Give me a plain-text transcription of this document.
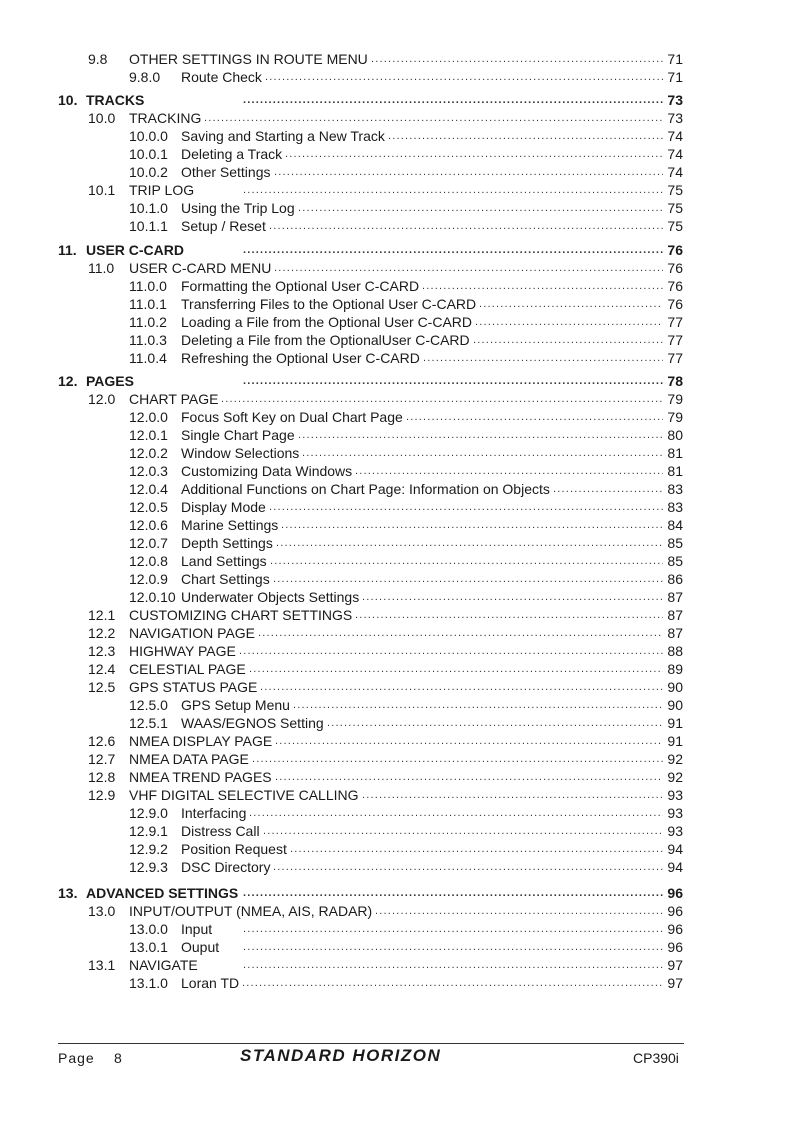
.....
9.8 OTHER SETTINGS IN ROUTE MENU	71
.....
9.8.0 Route Check	71
.....
10. TRACKS	73
.....
10.0 TRACKING	73
.....
10.0.0 Saving and Starting a New Track	74
.....
10.0.1 Deleting a Track	74
.....
10.0.2 Other Settings	74
.....
10.1 TRIP LOG	75
.....
10.1.0 Using the Trip Log	75
.....
10.1.1 Setup / Reset	75
.....
11. USER C-CARD	76
.....
11.0 USER C-CARD MENU	76
.....
11.0.0 Formatting the Optional User C-CARD	76
.....
11.0.1 Transferring Files to the Optional User C-CARD	76
.....
11.0.2 Loading a File from the Optional User C-CARD	77
.....
11.0.3 Deleting a File from the OptionalUser C-CARD	77
.....
11.0.4 Refreshing the Optional User C-CARD	77
.....
12. PAGES	78
.....
12.0 CHART PAGE	79
.....
12.0.0 Focus Soft Key on Dual Chart Page	79
.....
12.0.1 Single Chart Page	80
.....
12.0.2 Window Selections	81
.....
12.0.3 Customizing Data Windows	81
.....
12.0.4 Additional Functions on Chart Page: Information on Objects	83
.....
12.0.5 Display Mode	83
.....
12.0.6 Marine Settings	84
.....
12.0.7 Depth Settings	85
.....
12.0.8 Land Settings	85
.....
12.0.9 Chart Settings	86
.....
12.0.10 Underwater Objects Settings	87
.....
12.1 CUSTOMIZING CHART SETTINGS	87
.....
12.2 NAVIGATION PAGE	87
.....
12.3 HIGHWAY PAGE	88
.....
12.4 CELESTIAL PAGE	89
.....
12.5 GPS STATUS PAGE	90
.....
12.5.0 GPS Setup Menu	90
.....
12.5.1 WAAS/EGNOS Setting	91
.....
12.6 NMEA DISPLAY PAGE	91
.....
12.7 NMEA DATA PAGE	92
.....
12.8 NMEA TREND PAGES	92
.....
12.9 VHF DIGITAL SELECTIVE CALLING	93
.....
12.9.0 Interfacing	93
.....
12.9.1 Distress Call	93
.....
12.9.2 Position Request	94
.....
12.9.3 DSC Directory	94
.....
13. ADVANCED SETTINGS	96
.....
13.0 INPUT/OUTPUT (NMEA, AIS, RADAR)	96
.....
13.0.0 Input	96
.....
13.0.1 Ouput	96
.....
13.1 NAVIGATE	97
.....
13.1.0 Loran TD	97
Page 8	STANDARD HORIZON	CP390i
